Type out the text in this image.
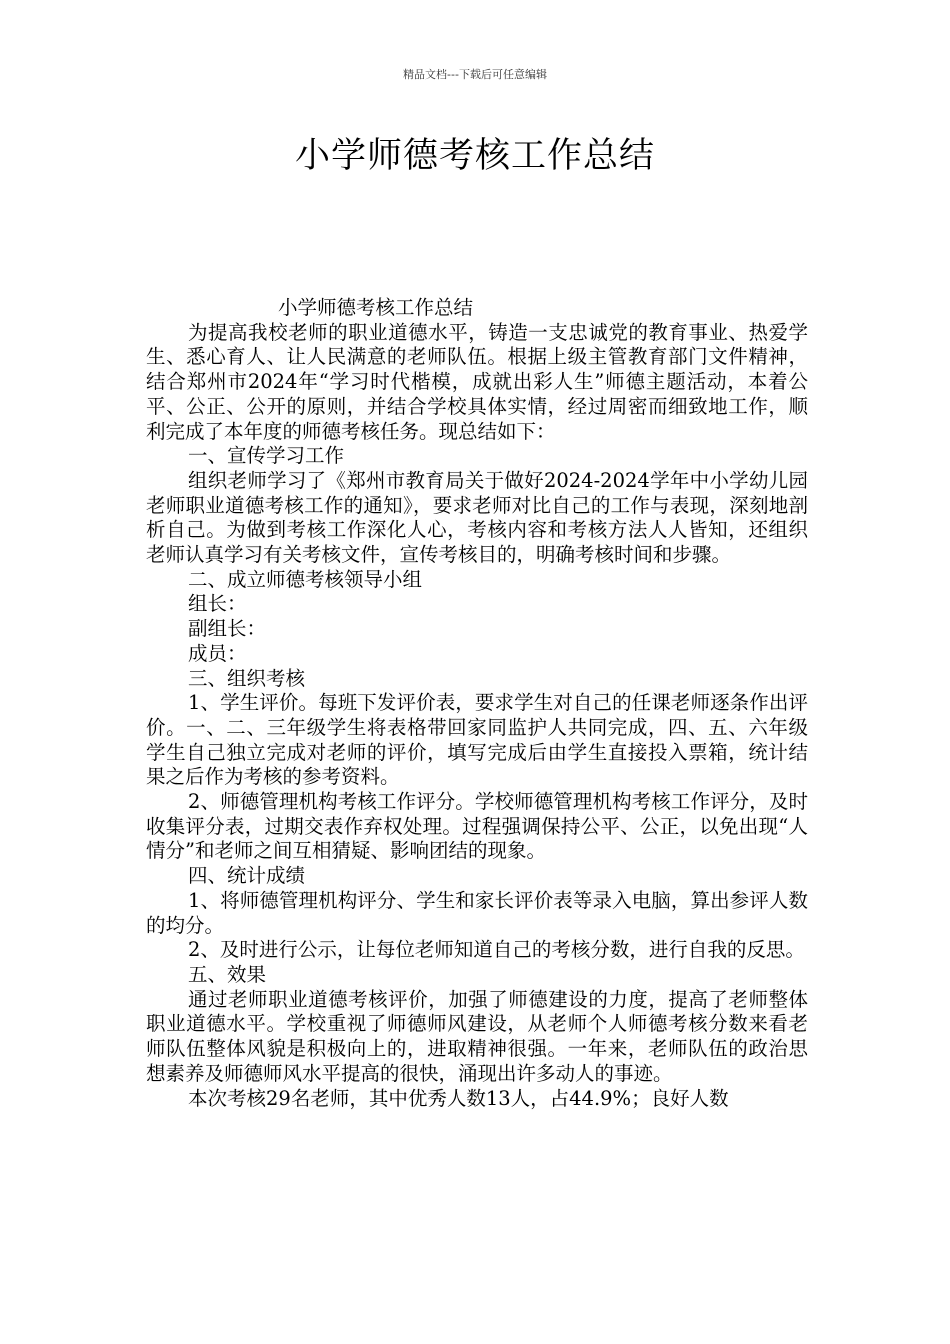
精品文档---下载后可任意编辑
小学师德考核工作总结

小学师德考核工作总结

为提高我校老师的职业道德水平，铸造一支忠诚党的教育事业、热爱学生、悉心育人、让人民满意的老师队伍。根据上级主管教育部门文件精神，结合郑州市2024年“学习时代楷模，成就出彩人生”师德主题活动，本着公平、公正、公开的原则，并结合学校具体实情，经过周密而细致地工作，顺利完成了本年度的师德考核任务。现总结如下：

一、宣传学习工作

组织老师学习了《郑州市教育局关于做好2024-2024学年中小学幼儿园老师职业道德考核工作的通知》，要求老师对比自己的工作与表现，深刻地剖析自己。为做到考核工作深化人心，考核内容和考核方法人人皆知，还组织老师认真学习有关考核文件，宣传考核目的，明确考核时间和步骤。

二、成立师德考核领导小组

组长：

副组长：

成员：

三、组织考核

1、学生评价。每班下发评价表，要求学生对自己的任课老师逐条作出评价。一、二、三年级学生将表格带回家同监护人共同完成，四、五、六年级学生自己独立完成对老师的评价，填写完成后由学生直接投入票箱，统计结果之后作为考核的参考资料。

2、师德管理机构考核工作评分。学校师德管理机构考核工作评分，及时收集评分表，过期交表作弃权处理。过程强调保持公平、公正，以免出现“人情分”和老师之间互相猜疑、影响团结的现象。

四、统计成绩

1、将师德管理机构评分、学生和家长评价表等录入电脑，算出参评人数的均分。

2、及时进行公示，让每位老师知道自己的考核分数，进行自我的反思。

五、效果

通过老师职业道德考核评价，加强了师德建设的力度，提高了老师整体职业道德水平。学校重视了师德师风建设，从老师个人师德考核分数来看老师队伍整体风貌是积极向上的，进取精神很强。一年来，老师队伍的政治思想素养及师德师风水平提高的很快，涌现出许多动人的事迹。

本次考核29名老师，其中优秀人数13人，占44.9%；良好人数
